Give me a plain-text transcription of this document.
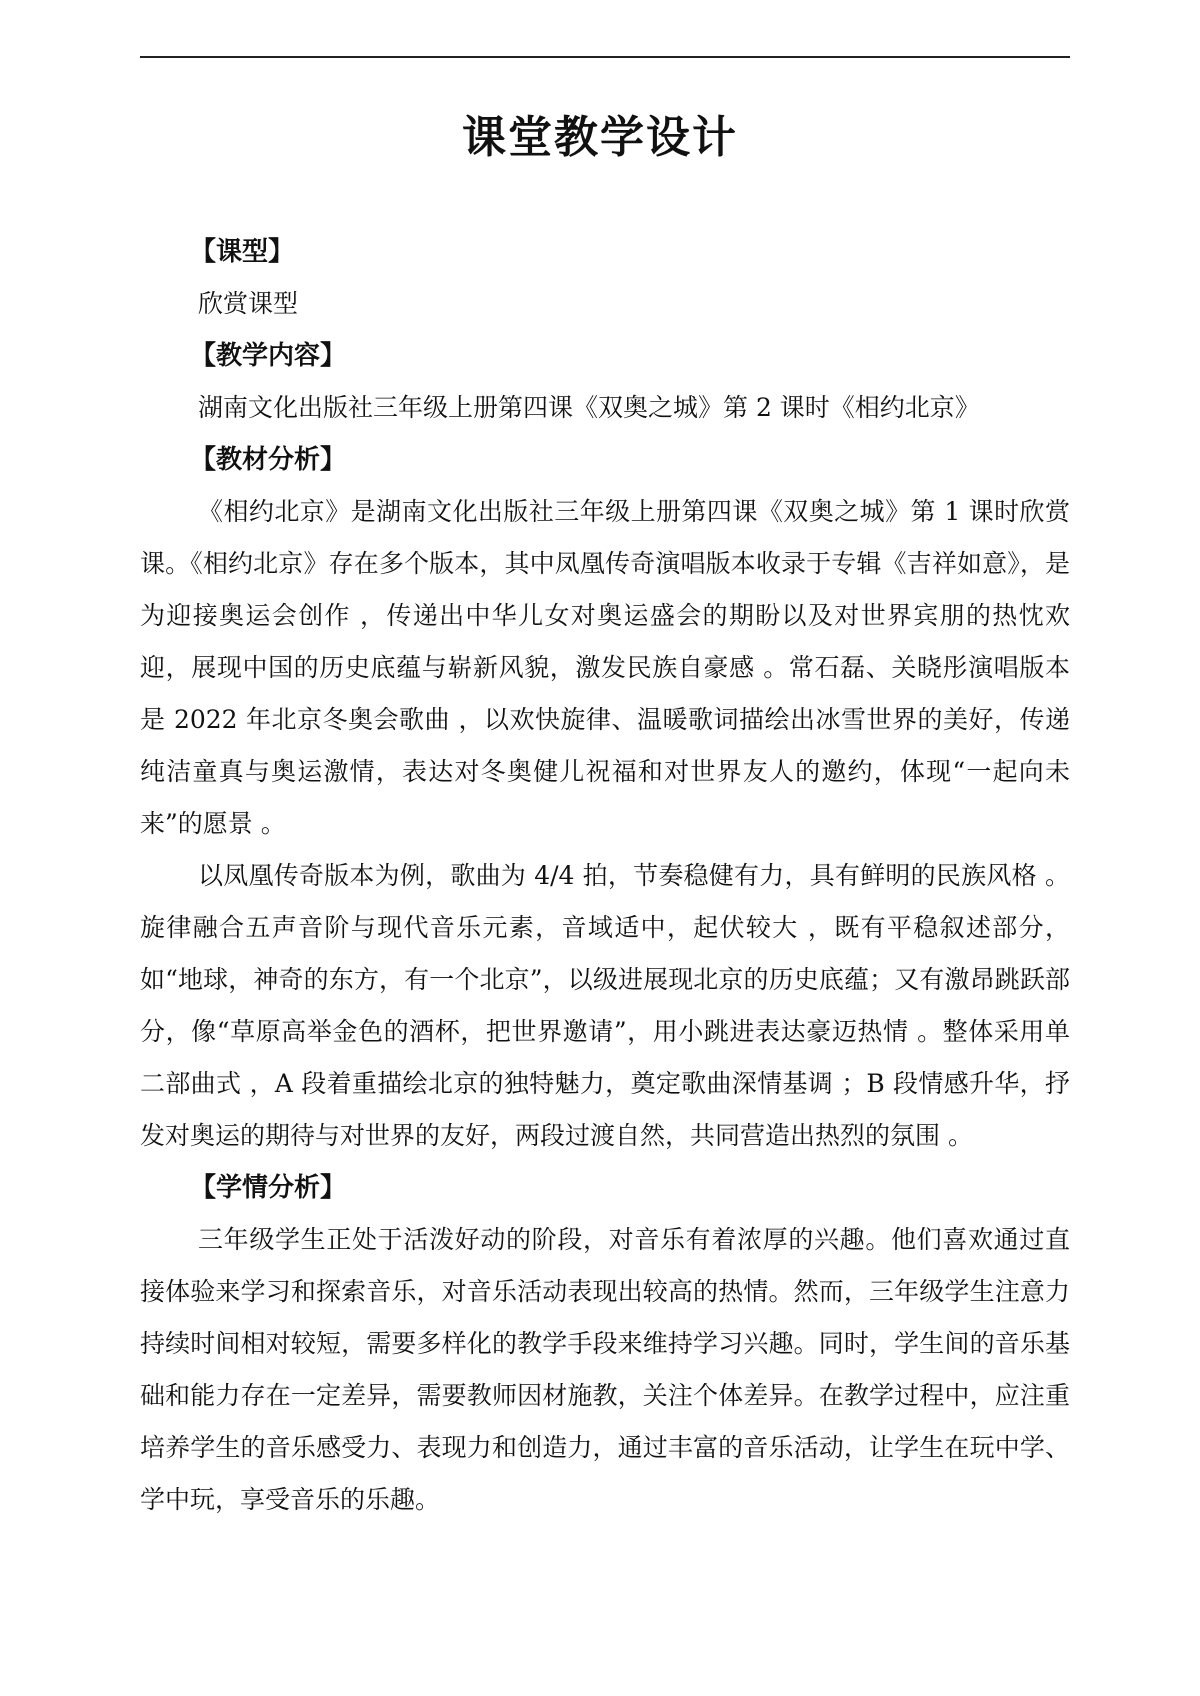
课堂教学设计
【课型】
欣赏课型
【教学内容】
湖南文化出版社三年级上册第四课《双奥之城》第 2 课时《相约北京》
【教材分析】

《相约北京》是湖南文化出版社三年级上册第四课《双奥之城》第 1 课时欣赏课。《相约北京》存在多个版本，其中凤凰传奇演唱版本收录于专辑《吉祥如意》，是为迎接奥运会创作 ，传递出中华儿女对奥运盛会的期盼以及对世界宾朋的热忱欢迎，展现中国的历史底蕴与崭新风貌，激发民族自豪感 。常石磊、关晓彤演唱版本是 2022 年北京冬奥会歌曲 ，以欢快旋律、温暖歌词描绘出冰雪世界的美好，传递纯洁童真与奥运激情，表达对冬奥健儿祝福和对世界友人的邀约，体现“一起向未来”的愿景 。

以凤凰传奇版本为例，歌曲为 4/4 拍，节奏稳健有力，具有鲜明的民族风格 。旋律融合五声音阶与现代音乐元素，音域适中，起伏较大 ，既有平稳叙述部分，如“地球，神奇的东方，有一个北京”，以级进展现北京的历史底蕴；又有激昂跳跃部分，像“草原高举金色的酒杯，把世界邀请”，用小跳进表达豪迈热情 。整体采用单二部曲式 ，A 段着重描绘北京的独特魅力，奠定歌曲深情基调 ；B 段情感升华，抒发对奥运的期待与对世界的友好，两段过渡自然，共同营造出热烈的氛围 。

【学情分析】

三年级学生正处于活泼好动的阶段，对音乐有着浓厚的兴趣。他们喜欢通过直接体验来学习和探索音乐，对音乐活动表现出较高的热情。然而，三年级学生注意力持续时间相对较短，需要多样化的教学手段来维持学习兴趣。同时，学生间的音乐基础和能力存在一定差异，需要教师因材施教，关注个体差异。在教学过程中，应注重培养学生的音乐感受力、表现力和创造力，通过丰富的音乐活动，让学生在玩中学、学中玩，享受音乐的乐趣。
